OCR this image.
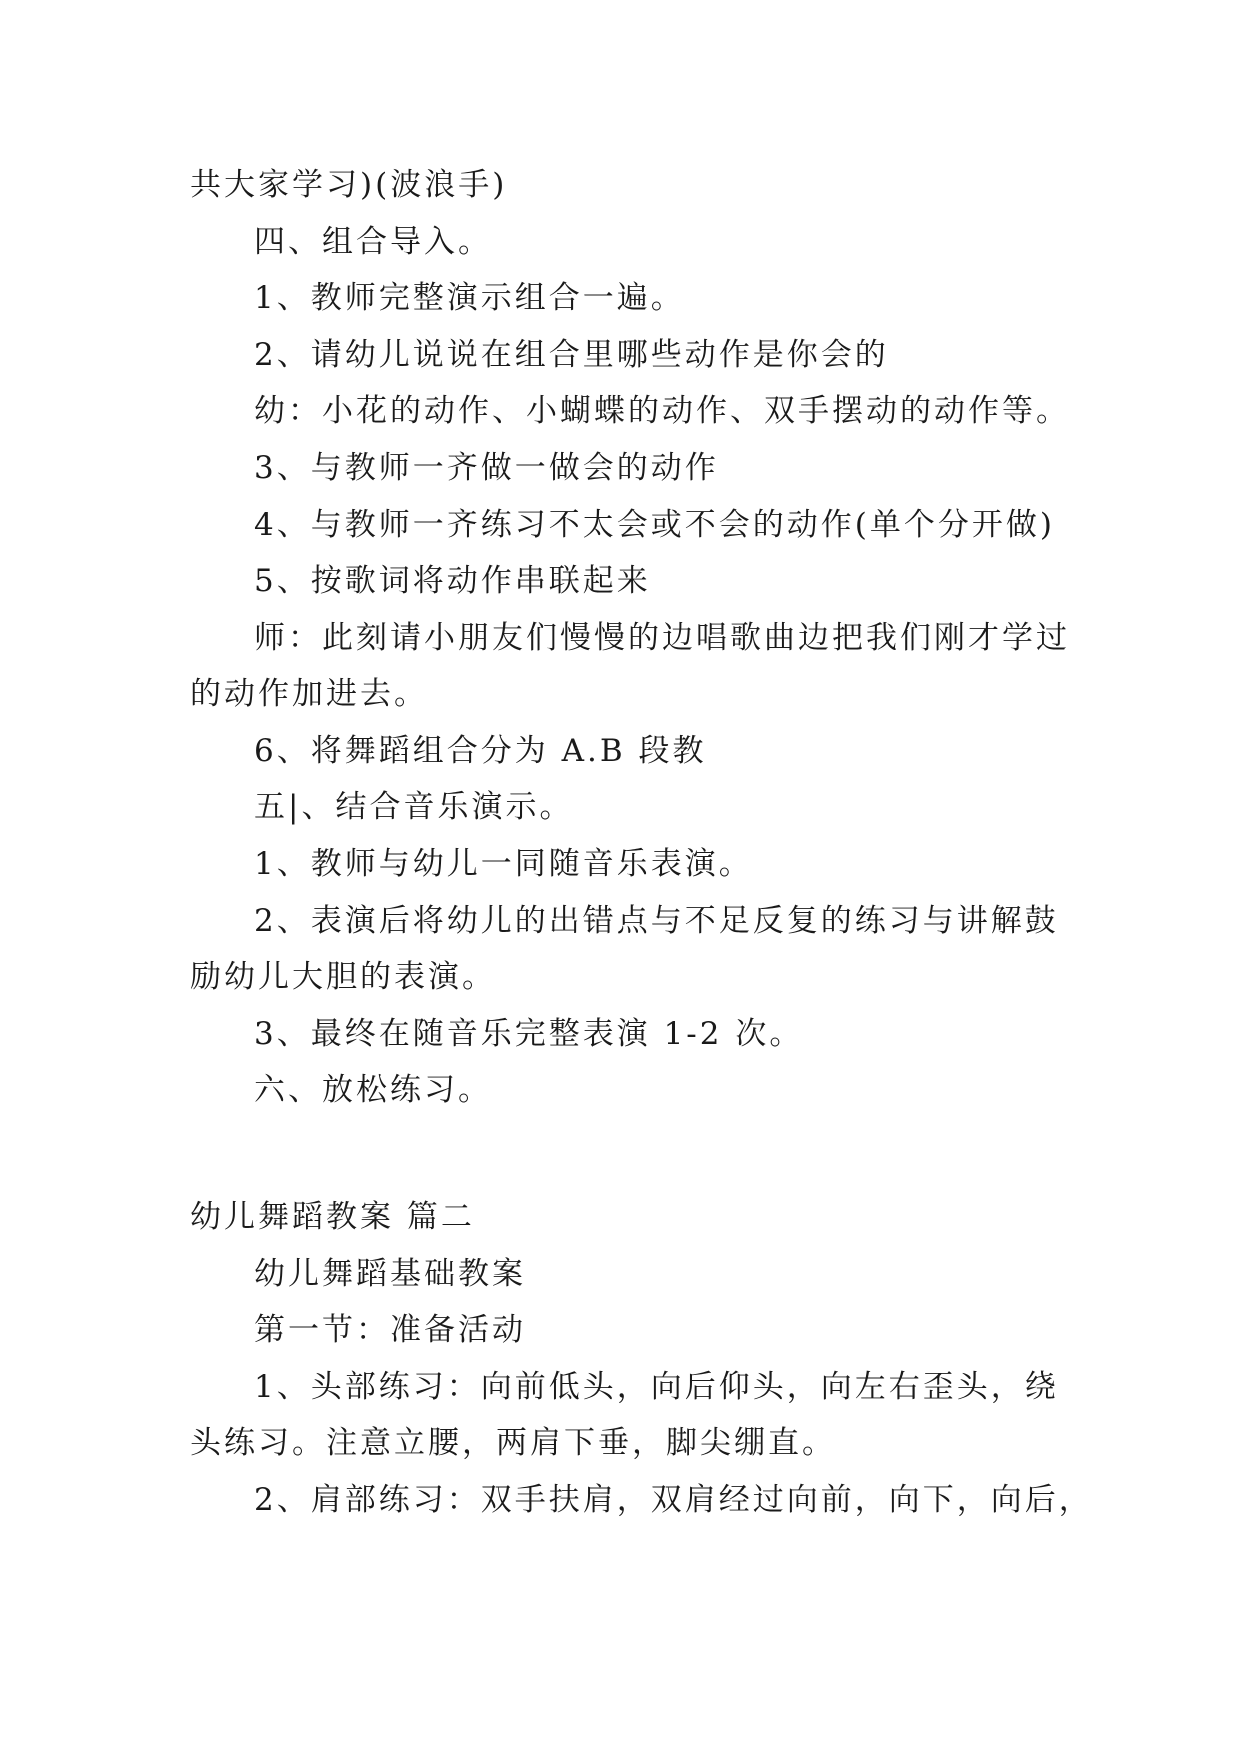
共大家学习)(波浪手)
四、组合导入。
1、教师完整演示组合一遍。
2、请幼儿说说在组合里哪些动作是你会的
幼：小花的动作、小蝴蝶的动作、双手摆动的动作等。
3、与教师一齐做一做会的动作
4、与教师一齐练习不太会或不会的动作(单个分开做)
5、按歌词将动作串联起来
师：此刻请小朋友们慢慢的边唱歌曲边把我们刚才学过
的动作加进去。
6、将舞蹈组合分为 A.B 段教
五|、结合音乐演示。
1、教师与幼儿一同随音乐表演。
2、表演后将幼儿的出错点与不足反复的练习与讲解鼓
励幼儿大胆的表演。
3、最终在随音乐完整表演 1-2 次。
六、放松练习。
幼儿舞蹈教案 篇二
幼儿舞蹈基础教案
第一节：准备活动
1、头部练习：向前低头，向后仰头，向左右歪头，绕
头练习。注意立腰，两肩下垂，脚尖绷直。
2、肩部练习：双手扶肩，双肩经过向前，向下，向后，
